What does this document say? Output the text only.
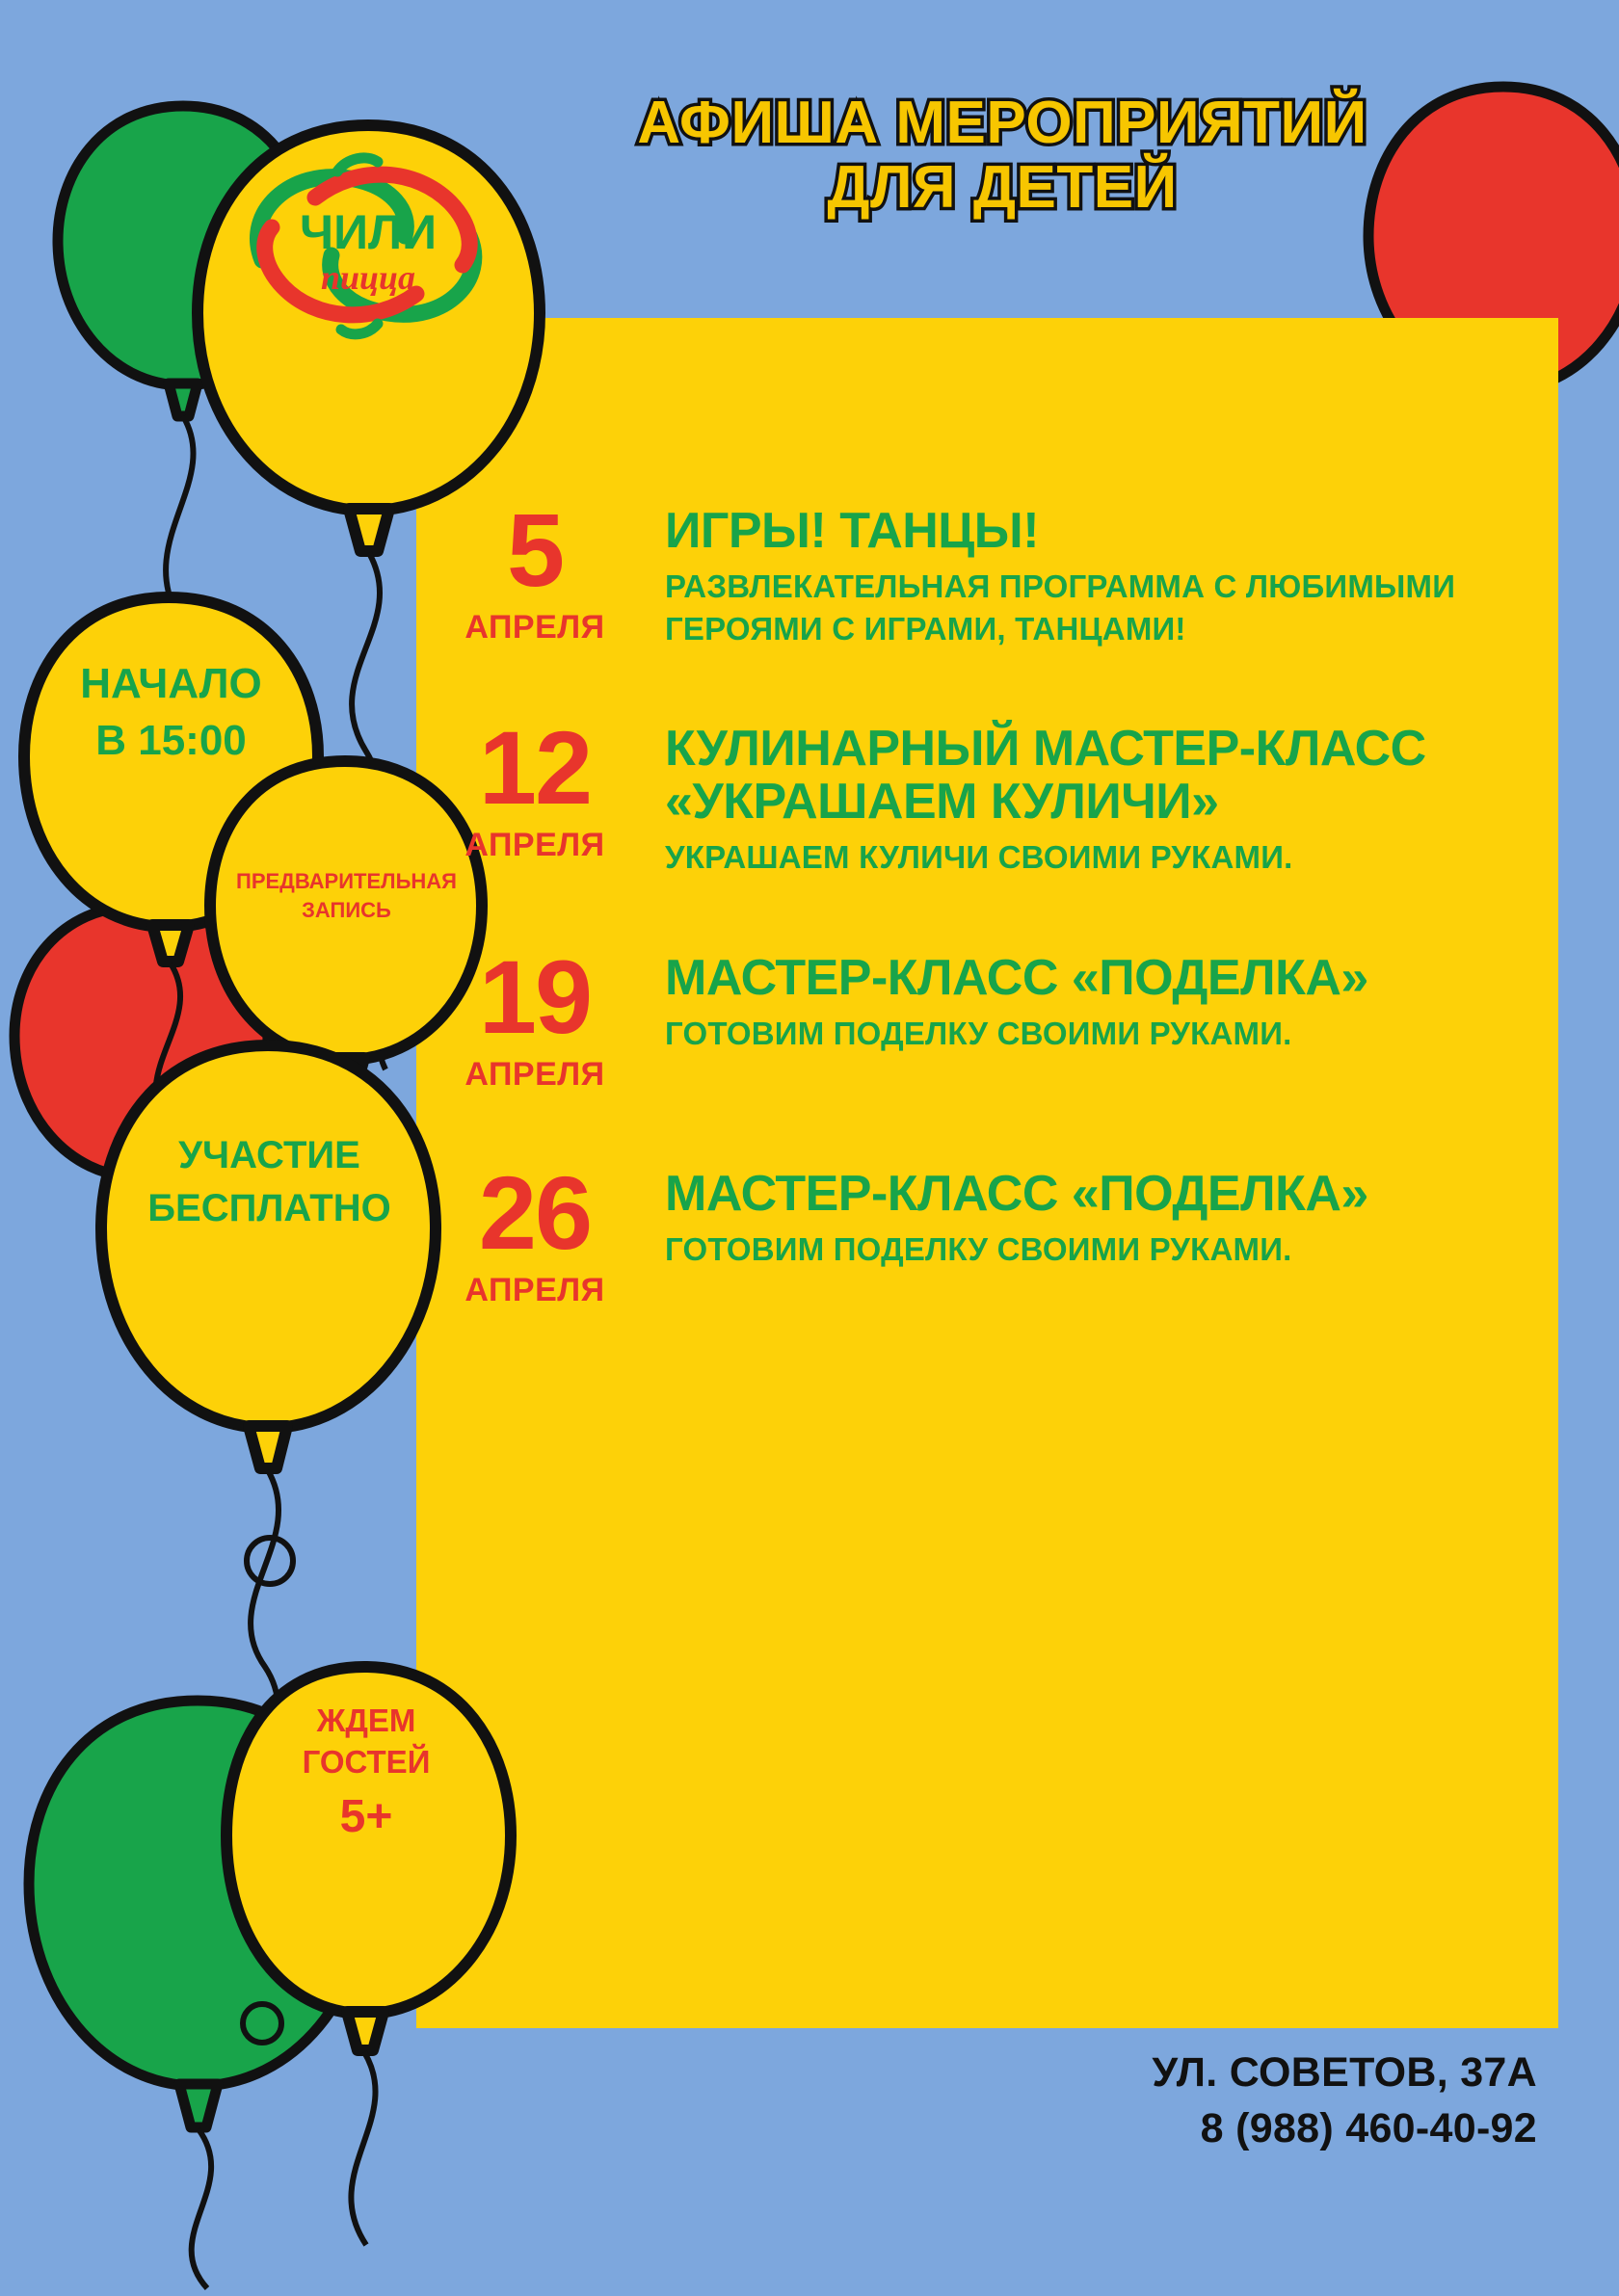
АФИША МЕРОПРИЯТИЙ
ДЛЯ ДЕТЕЙ
ЧИЛИ
пицца
НАЧАЛО
В 15:00
ПРЕДВАРИТЕЛЬНАЯ
ЗАПИСЬ
УЧАСТИЕ
БЕСПЛАТНО
ЖДЕМ
ГОСТЕЙ
5+
5
АПРЕЛЯ
ИГРЫ! ТАНЦЫ!
РАЗВЛЕКАТЕЛЬНАЯ ПРОГРАММА С ЛЮБИМЫМИ ГЕРОЯМИ С ИГРАМИ, ТАНЦАМИ!
12
АПРЕЛЯ
КУЛИНАРНЫЙ МАСТЕР-КЛАСС «УКРАШАЕМ КУЛИЧИ»
УКРАШАЕМ КУЛИЧИ СВОИМИ РУКАМИ.
19
АПРЕЛЯ
МАСТЕР-КЛАСС «ПОДЕЛКА»
ГОТОВИМ ПОДЕЛКУ СВОИМИ РУКАМИ.
26
АПРЕЛЯ
МАСТЕР-КЛАСС «ПОДЕЛКА»
ГОТОВИМ ПОДЕЛКУ СВОИМИ РУКАМИ.
УЛ. СОВЕТОВ, 37А
8 (988) 460-40-92
